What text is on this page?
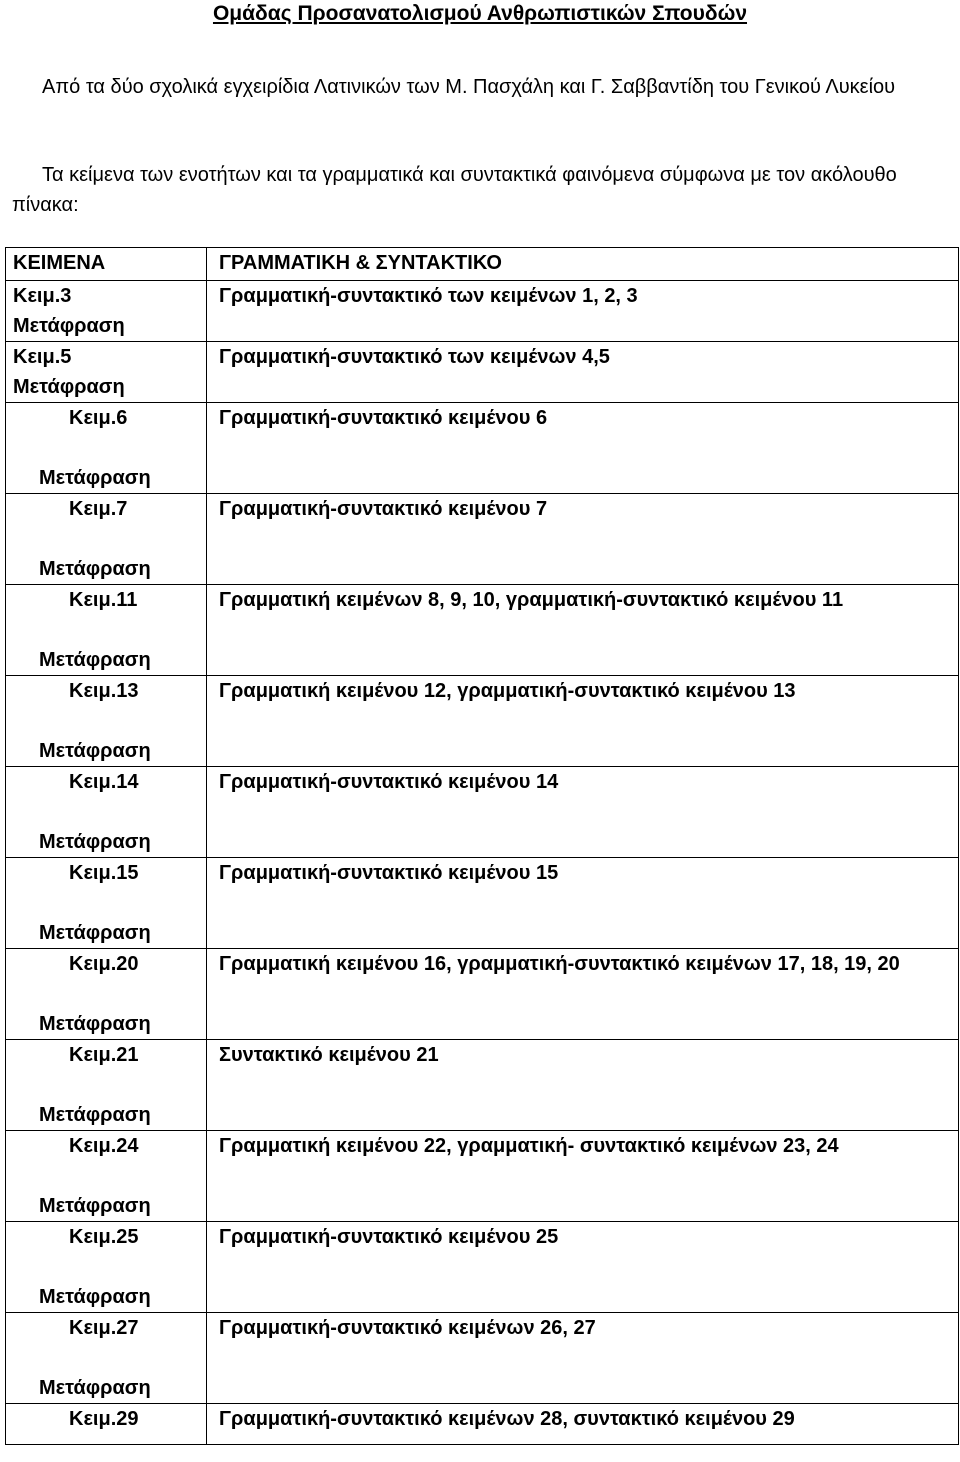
Ομάδας Προσανατολισμού Ανθρωπιστικών Σπουδών

Από τα δύο σχολικά εγχειρίδια Λατινικών των Μ. Πασχάλη και Γ. Σαββαντίδη του Γενικού Λυκείου

Τα κείμενα των ενοτήτων και τα γραμματικά και συντακτικά φαινόμενα σύμφωνα με τον ακόλουθο πίνακα:

ΚΕΙΜΕΝΑ	ΓΡΑΜΜΑΤΙΚΗ & ΣΥΝΤΑΚΤΙΚΟ

Κειμ.3
Μετάφραση	Γραμματική-συντακτικό των κειμένων 1, 2, 3

Κειμ.5
Μετάφραση	Γραμματική-συντακτικό των κειμένων 4,5

Κειμ.6
Μετάφραση	Γραμματική-συντακτικό κειμένου 6

Κειμ.7
Μετάφραση	Γραμματική-συντακτικό κειμένου 7

Κειμ.11
Μετάφραση	Γραμματική κειμένων 8, 9, 10, γραμματική-συντακτικό κειμένου 11

Κειμ.13
Μετάφραση	Γραμματική κειμένου 12, γραμματική-συντακτικό κειμένου 13

Κειμ.14
Μετάφραση	Γραμματική-συντακτικό κειμένου 14

Κειμ.15
Μετάφραση	Γραμματική-συντακτικό κειμένου 15

Κειμ.20
Μετάφραση	Γραμματική κειμένου 16, γραμματική-συντακτικό κειμένων 17, 18, 19, 20

Κειμ.21
Μετάφραση	Συντακτικό κειμένου 21

Κειμ.24
Μετάφραση	Γραμματική κειμένου 22, γραμματική- συντακτικό κειμένων 23, 24

Κειμ.25
Μετάφραση	Γραμματική-συντακτικό κειμένου 25

Κειμ.27
Μετάφραση	Γραμματική-συντακτικό κειμένων 26, 27

Κειμ.29	Γραμματική-συντακτικό κειμένων 28, συντακτικό κειμένου 29
